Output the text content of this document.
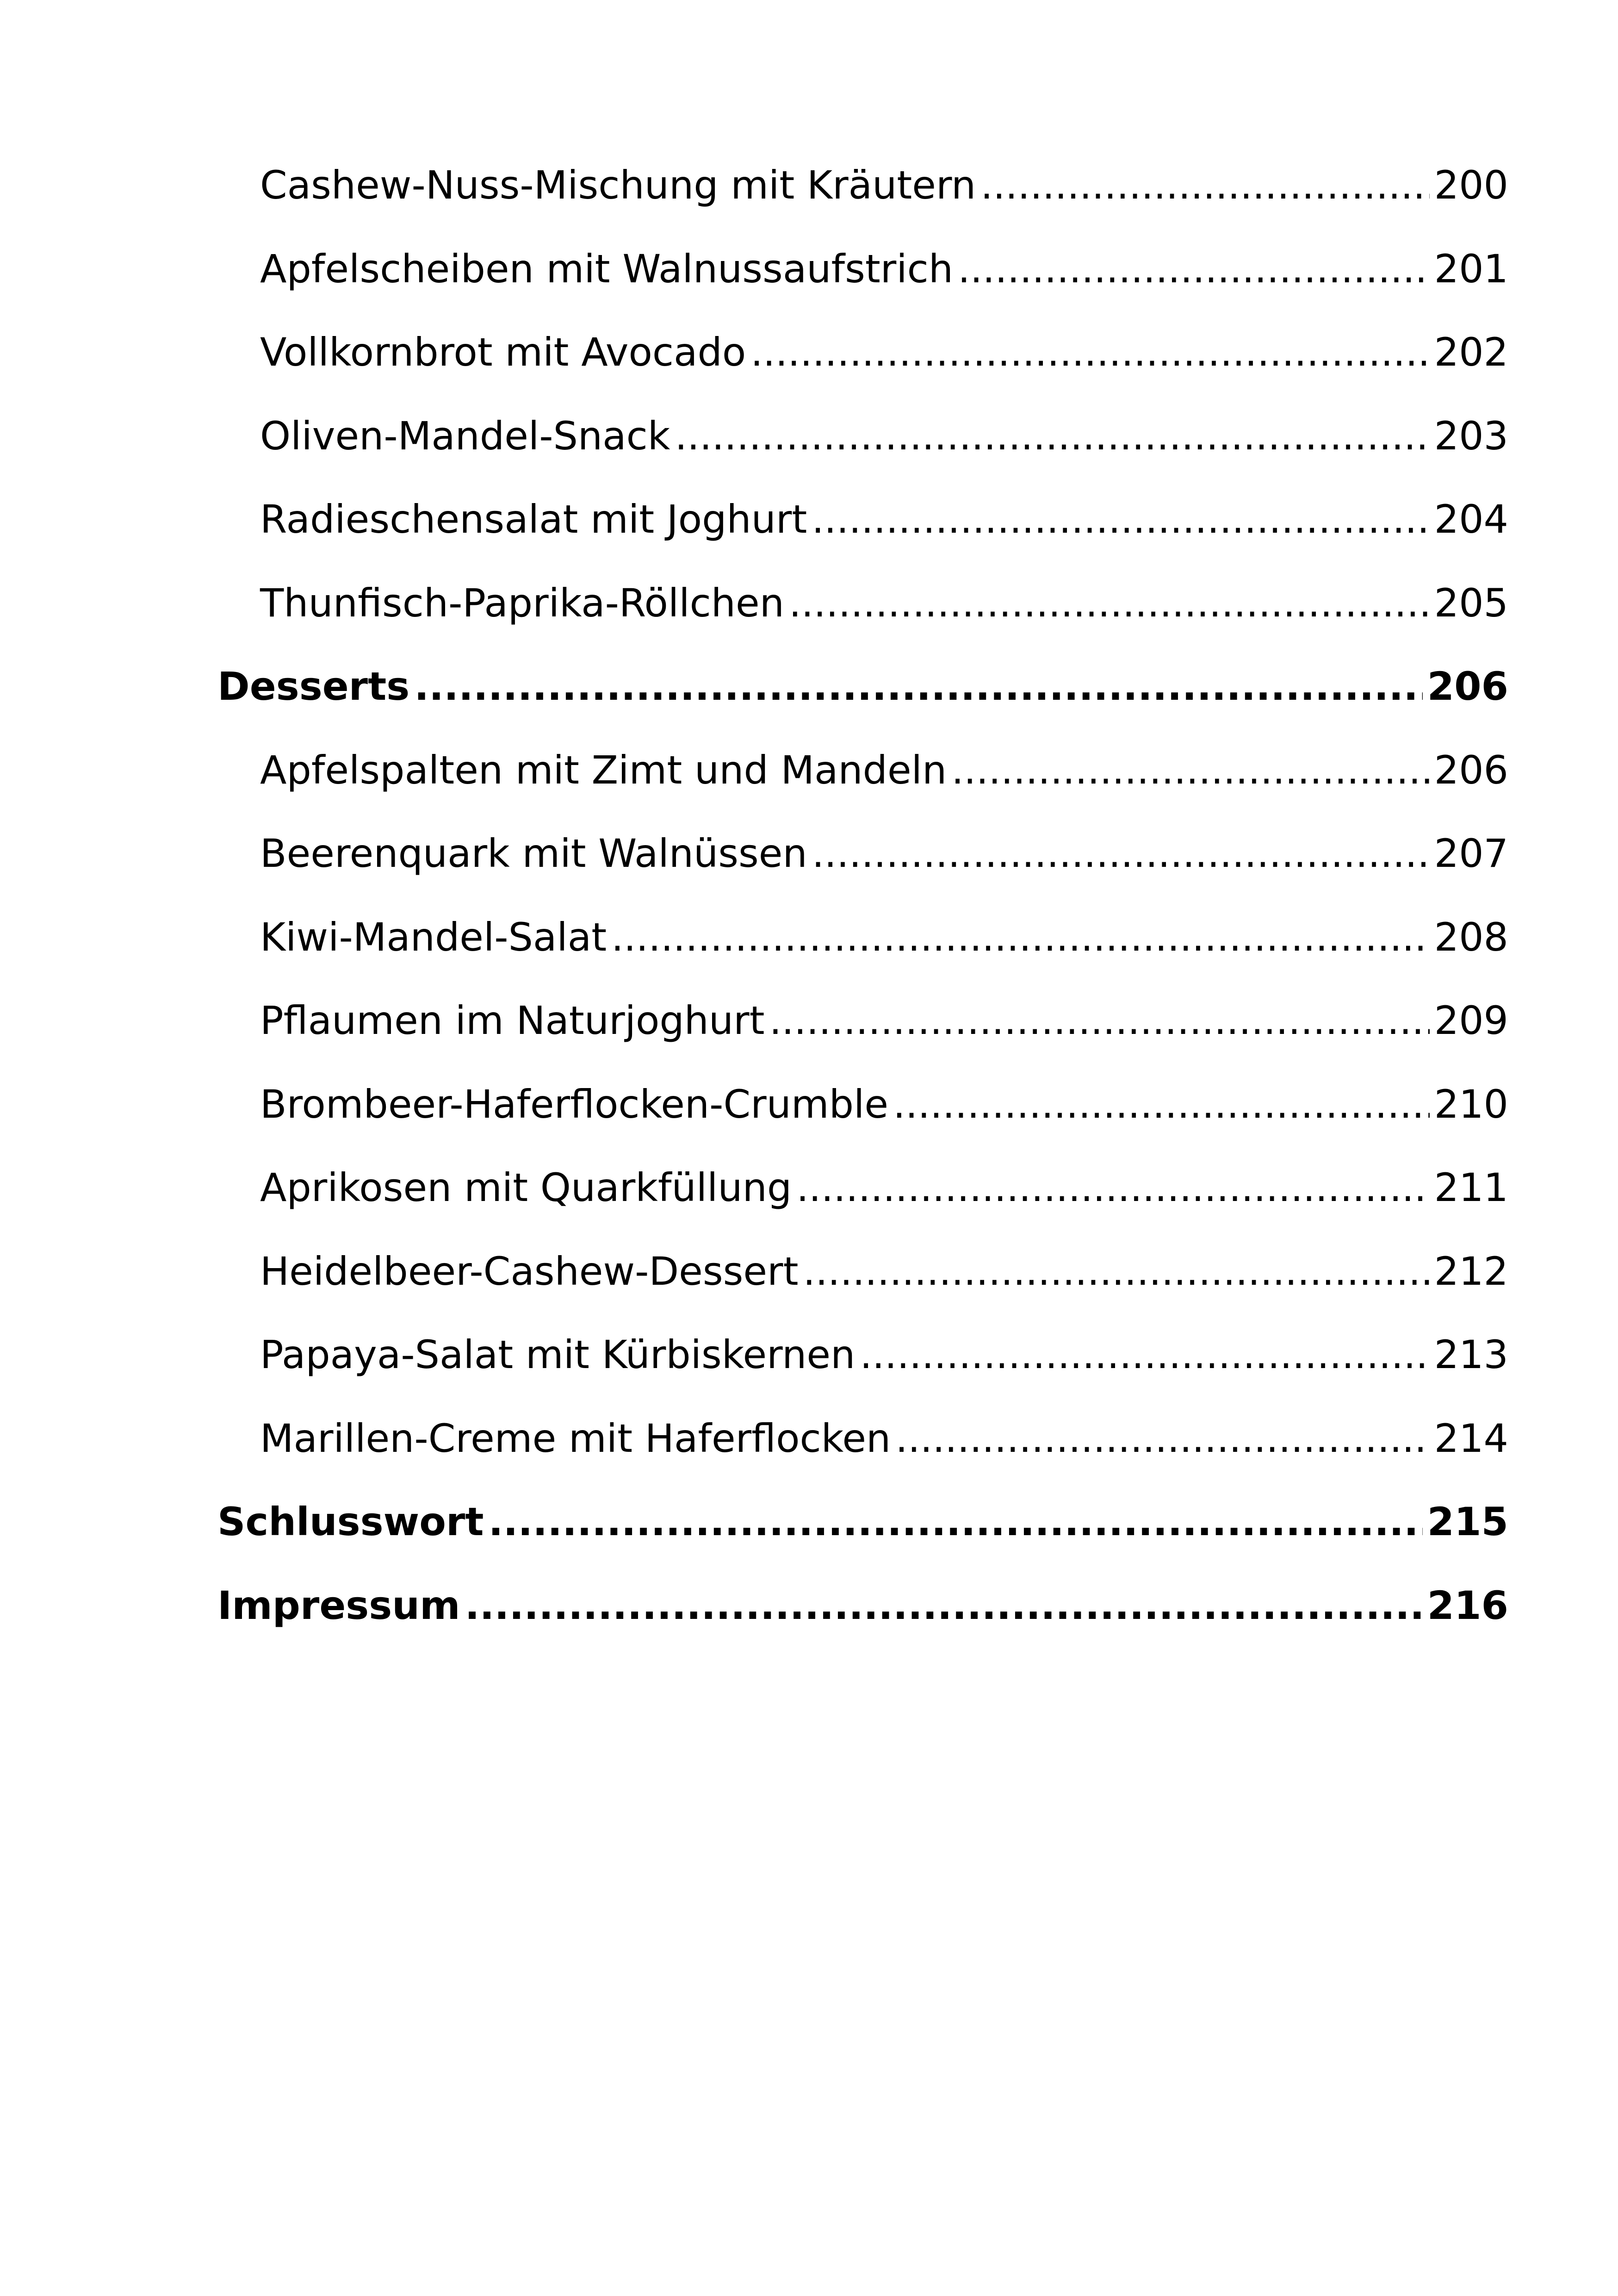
Cashew-Nuss-Mischung mit Kräutern .....	200
Apfelscheiben mit Walnussaufstrich .....	201
Vollkornbrot mit Avocado .....	202
Oliven-Mandel-Snack .....	203
Radieschensalat mit Joghurt .....	204
Thunfisch-Paprika-Röllchen .....	205
Desserts .....	206
Apfelspalten mit Zimt und Mandeln .....	206
Beerenquark mit Walnüssen .....	207
Kiwi-Mandel-Salat .....	208
Pflaumen im Naturjoghurt .....	209
Brombeer-Haferflocken-Crumble .....	210
Aprikosen mit Quarkfüllung .....	211
Heidelbeer-Cashew-Dessert .....	212
Papaya-Salat mit Kürbiskernen .....	213
Marillen-Creme mit Haferflocken .....	214
Schlusswort .....	215
Impressum .....	216
